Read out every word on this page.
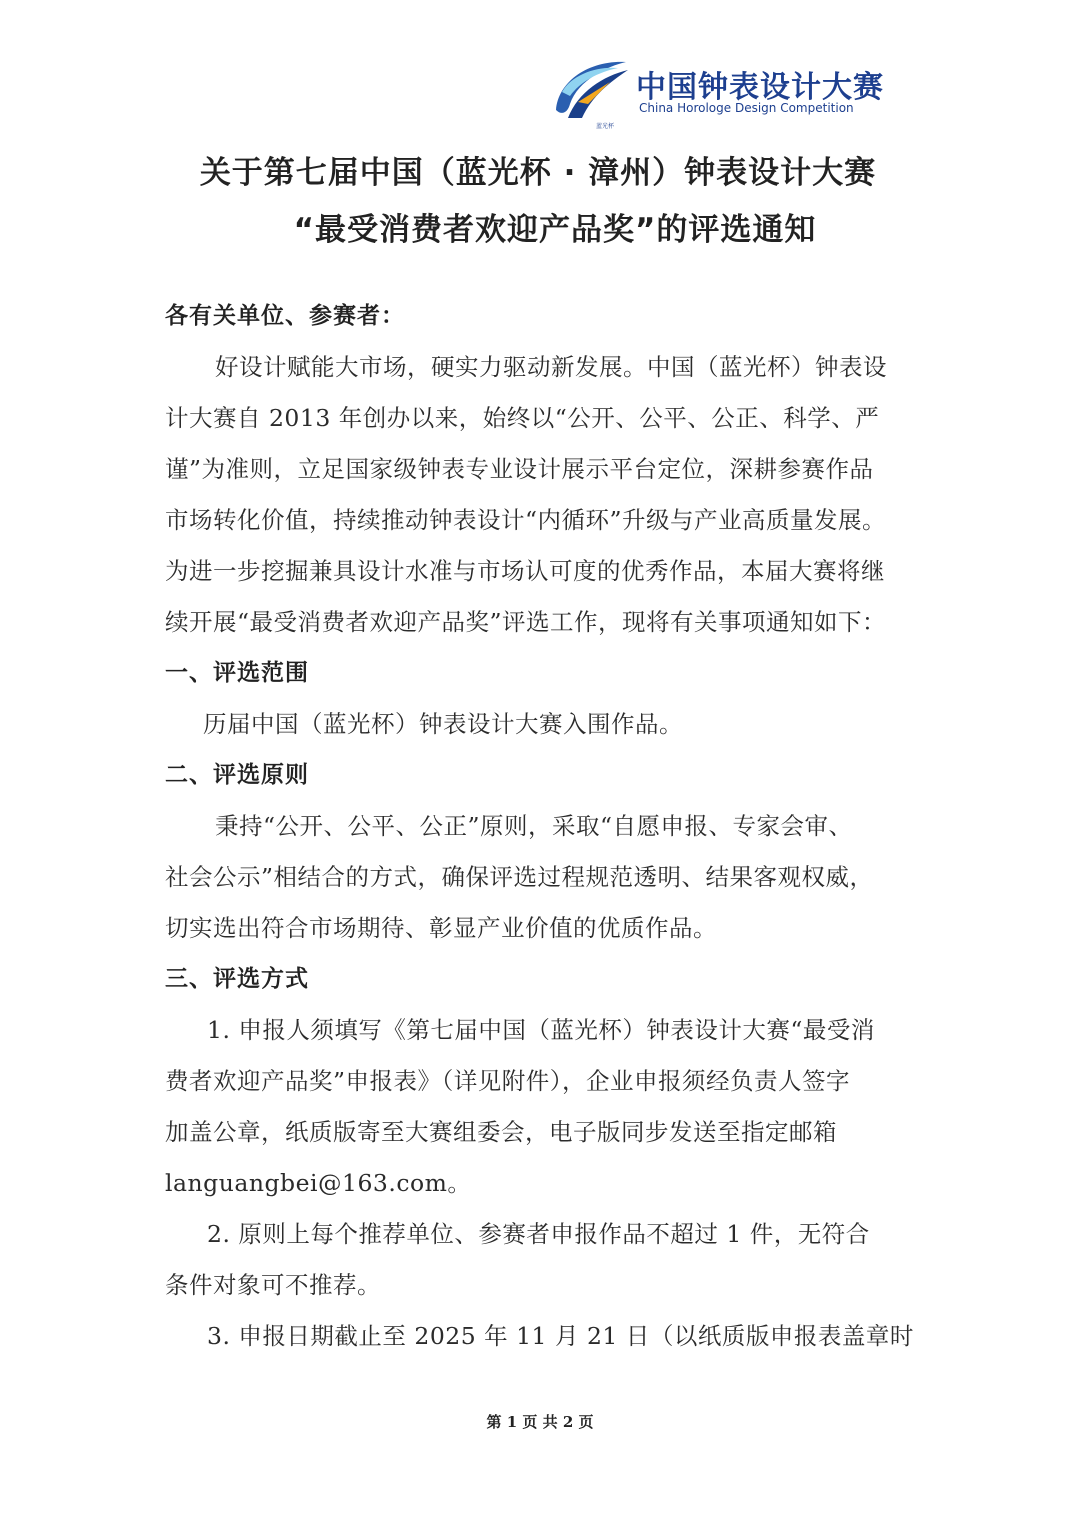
蓝光杯
中国钟表设计大赛
China Horologe Design Competition
关于第七届中国（蓝光杯 · 漳州）钟表设计大赛
“最受消费者欢迎产品奖”的评选通知
各有关单位、参赛者：
好设计赋能大市场，硬实力驱动新发展。中国（蓝光杯）钟表设
计大赛自 2013 年创办以来，始终以“公开、公平、公正、科学、严
谨”为准则，立足国家级钟表专业设计展示平台定位，深耕参赛作品
市场转化价值，持续推动钟表设计“内循环”升级与产业高质量发展。
为进一步挖掘兼具设计水准与市场认可度的优秀作品，本届大赛将继
续开展“最受消费者欢迎产品奖”评选工作，现将有关事项通知如下：
一、评选范围
历届中国（蓝光杯）钟表设计大赛入围作品。
二、评选原则
秉持“公开、公平、公正”原则，采取“自愿申报、专家会审、
社会公示”相结合的方式，确保评选过程规范透明、结果客观权威，
切实选出符合市场期待、彰显产业价值的优质作品。
三、评选方式
1. 申报人须填写《第七届中国（蓝光杯）钟表设计大赛“最受消
费者欢迎产品奖”申报表》（详见附件），企业申报须经负责人签字
加盖公章，纸质版寄至大赛组委会，电子版同步发送至指定邮箱
languangbei@163.com。
2. 原则上每个推荐单位、参赛者申报作品不超过 1 件，无符合
条件对象可不推荐。
3. 申报日期截止至 2025 年 11 月 21 日（以纸质版申报表盖章时
第 1 页 共 2 页
